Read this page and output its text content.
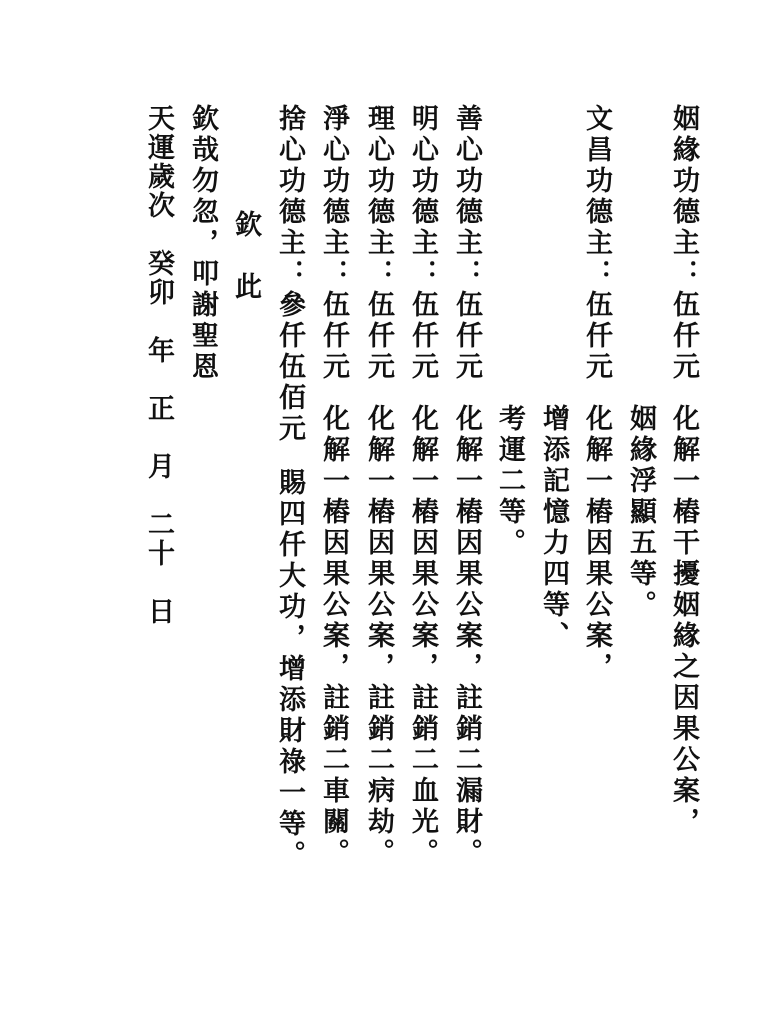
姻緣功德主：伍仟元
化解一樁干擾姻緣之因果公案，
姻緣浮顯五等。
文昌功德主：伍仟元
化解一樁因果公案，
增添記憶力四等、
考運二等。
善心功德主：伍仟元
化解一樁因果公案，註銷二漏財。
明心功德主：伍仟元
化解一樁因果公案，註銷二血光。
理心功德主：伍仟元
化解一樁因果公案，註銷二病劫。
淨心功德主：伍仟元
化解一樁因果公案，註銷二車關。
捨心功德主：參仟伍佰元
賜四仟大功，增添財祿一等。
欽　此
欽哉勿忽，叩謝聖恩
天運歲次　癸卯　年　正　月　二十　日
